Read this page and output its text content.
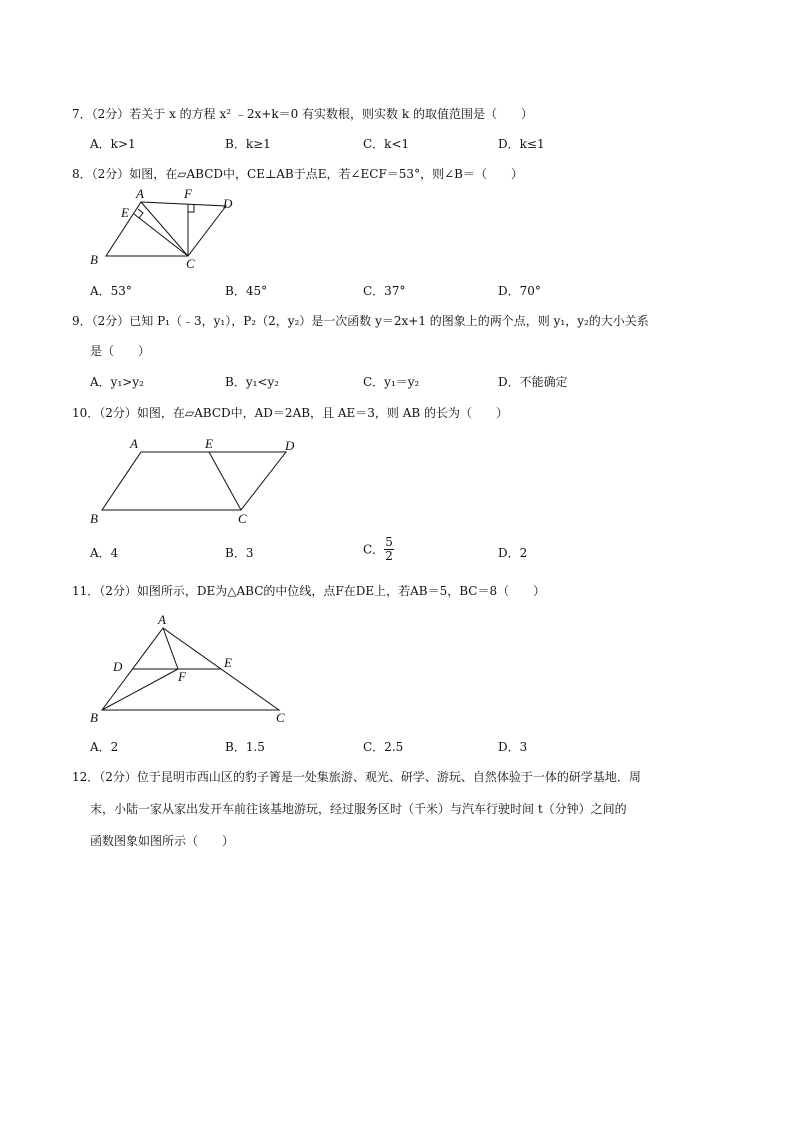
7．（2分）若关于 x 的方程 x² ﹣2x+k＝0 有实数根，则实数 k 的取值范围是（　　）
A．k>1	B．k≥1	C．k<1	D．k≤1
8．（2分）如图，在▱ABCD中，CE⊥AB于点E，若∠ECF＝53°，则∠B＝（　　）
A	F
D
E
B	C
A．53°	B．45°	C．37°	D．70°
9．（2分）已知 P₁（﹣3，y₁），P₂（2，y₂）是一次函数 y＝2x+1 的图象上的两个点，则 y₁，y₂的大小关系
是（　　）
A．y₁>y₂	B．y₁<y₂	C．y₁＝y₂	D．不能确定
10．（2分）如图，在▱ABCD中，AD＝2AB，且 AE＝3，则 AB 的长为（　　）
A	E	D
B	C
A．4	B．3	C． $\frac{5}{2}$	D．2
11．（2分）如图所示，DE为△ABC的中位线，点F在DE上，若AB＝5，BC＝8（　　）
A
D	E
F
B	C
A．2	B．1.5	C．2.5	D．3
12．（2分）位于昆明市西山区的豹子箐是一处集旅游、观光、研学、游玩、自然体验于一体的研学基地．周
末，小陆一家从家出发开车前往该基地游玩，经过服务区时（千米）与汽车行驶时间 t（分钟）之间的
函数图象如图所示（　　）
